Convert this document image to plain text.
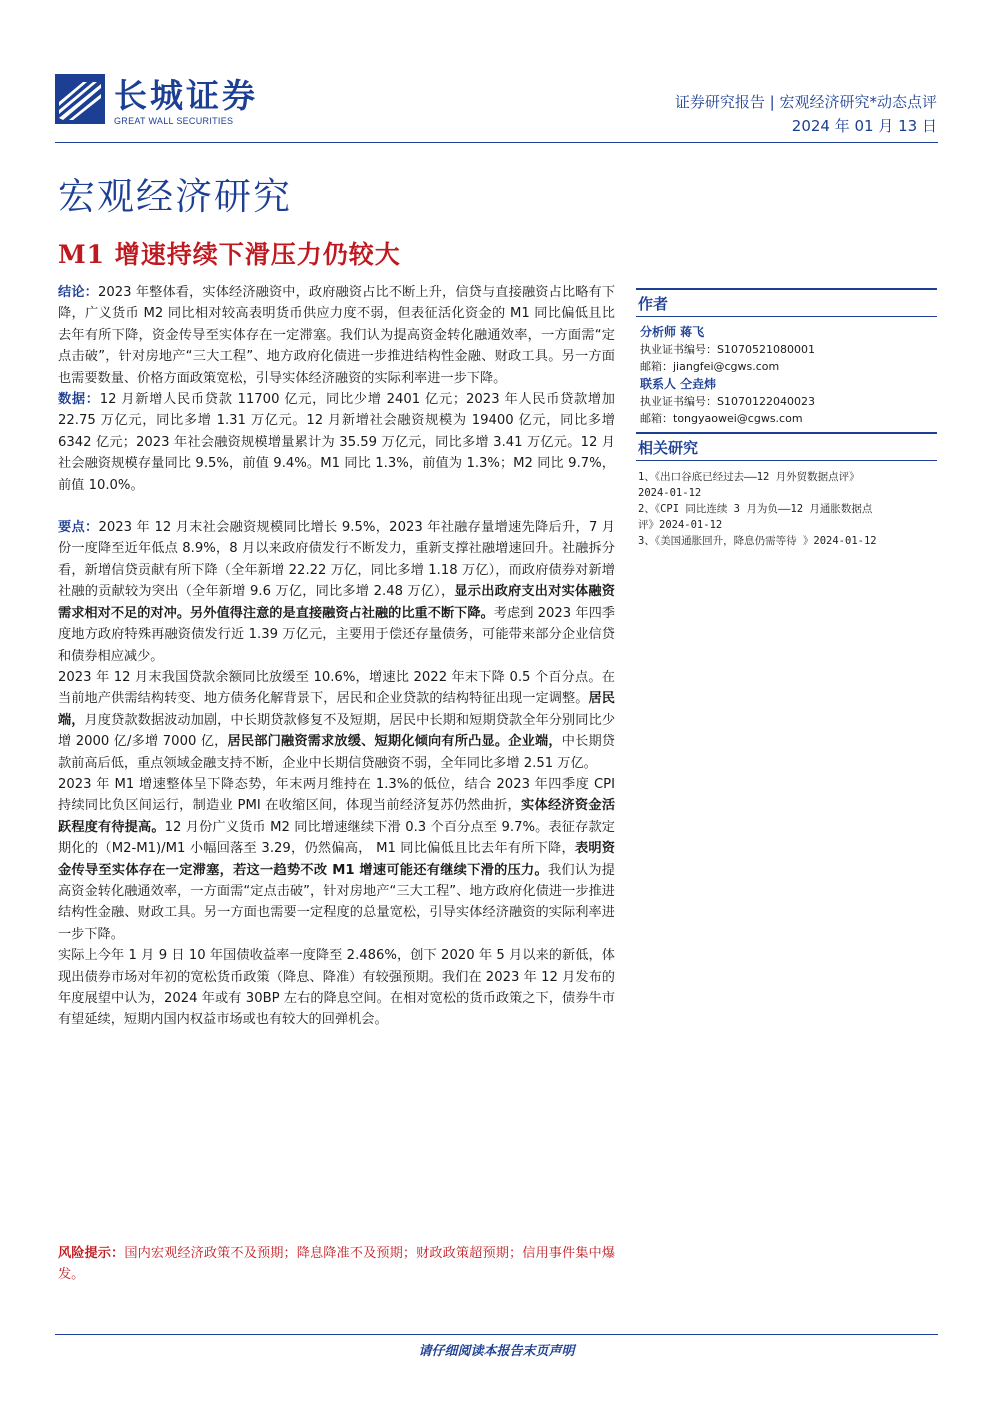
长城证券
GREAT WALL SECURITIES
证券研究报告 | 宏观经济研究*动态点评
2024 年 01 月 13 日
宏观经济研究
M1 增速持续下滑压力仍较大

结论：2023 年整体看，实体经济融资中，政府融资占比不断上升，信贷与直接融资占比略有下降，广义货币 M2 同比相对较高表明货币供应力度不弱，但表征活化资金的 M1 同比偏低且比去年有所下降，资金传导至实体存在一定滞塞。我们认为提高资金转化融通效率，一方面需“定点击破”，针对房地产“三大工程”、地方政府化债进一步推进结构性金融、财政工具。另一方面也需要数量、价格方面政策宽松，引导实体经济融资的实际利率进一步下降。

数据：12 月新增人民币贷款 11700 亿元，同比少增 2401 亿元；2023 年人民币贷款增加 22.75 万亿元，同比多增 1.31 万亿元。12 月新增社会融资规模为 19400 亿元，同比多增 6342 亿元；2023 年社会融资规模增量累计为 35.59 万亿元，同比多增 3.41 万亿元。12 月社会融资规模存量同比 9.5%，前值 9.4%。M1 同比 1.3%，前值为 1.3%；M2 同比 9.7%，前值 10.0%。

要点：2023 年 12 月末社会融资规模同比增长 9.5%，2023 年社融存量增速先降后升，7 月份一度降至近年低点 8.9%，8 月以来政府债发行不断发力，重新支撑社融增速回升。社融拆分看，新增信贷贡献有所下降（全年新增 22.22 万亿，同比多增 1.18 万亿），而政府债券对新增社融的贡献较为突出（全年新增 9.6 万亿，同比多增 2.48 万亿），显示出政府支出对实体融资需求相对不足的对冲。另外值得注意的是直接融资占社融的比重不断下降。考虑到 2023 年四季度地方政府特殊再融资债发行近 1.39 万亿元，主要用于偿还存量债务，可能带来部分企业信贷和债券相应减少。

2023 年 12 月末我国贷款余额同比放缓至 10.6%，增速比 2022 年末下降 0.5 个百分点。在当前地产供需结构转变、地方债务化解背景下，居民和企业贷款的结构特征出现一定调整。居民端，月度贷款数据波动加剧，中长期贷款修复不及短期，居民中长期和短期贷款全年分别同比少增 2000 亿/多增 7000 亿，居民部门融资需求放缓、短期化倾向有所凸显。企业端，中长期贷款前高后低，重点领域金融支持不断，企业中长期信贷融资不弱，全年同比多增 2.51 万亿。

2023 年 M1 增速整体呈下降态势，年末两月维持在 1.3%的低位，结合 2023 年四季度 CPI 持续同比负区间运行，制造业 PMI 在收缩区间，体现当前经济复苏仍然曲折，实体经济资金活跃程度有待提高。12 月份广义货币 M2 同比增速继续下滑 0.3 个百分点至 9.7%。表征存款定期化的（M2-M1)/M1 小幅回落至 3.29，仍然偏高， M1 同比偏低且比去年有所下降，表明资金传导至实体存在一定滞塞，若这一趋势不改 M1 增速可能还有继续下滑的压力。我们认为提高资金转化融通效率，一方面需“定点击破”，针对房地产“三大工程”、地方政府化债进一步推进结构性金融、财政工具。另一方面也需要一定程度的总量宽松，引导实体经济融资的实际利率进一步下降。

实际上今年 1 月 9 日 10 年国债收益率一度降至 2.486%，创下 2020 年 5 月以来的新低，体现出债券市场对年初的宽松货币政策（降息、降准）有较强预期。我们在 2023 年 12 月发布的年度展望中认为，2024 年或有 30BP 左右的降息空间。在相对宽松的货币政策之下，债券牛市有望延续，短期内国内权益市场或也有较大的回弹机会。

风险提示：国内宏观经济政策不及预期；降息降准不及预期；财政政策超预期；信用事件集中爆发。
作者
分析师 蒋飞
执业证书编号：S1070521080001
邮箱：jiangfei@cgws.com
联系人 仝垚炜
执业证书编号：S1070122040023
邮箱：tongyaowei@cgws.com
相关研究
1、《出口谷底已经过去——12 月外贸数据点评》
2024-01-12
2、《CPI 同比连续 3 月为负——12 月通胀数据点
评》2024-01-12
3、《美国通胀回升，降息仍需等待 》2024-01-12
请仔细阅读本报告末页声明
